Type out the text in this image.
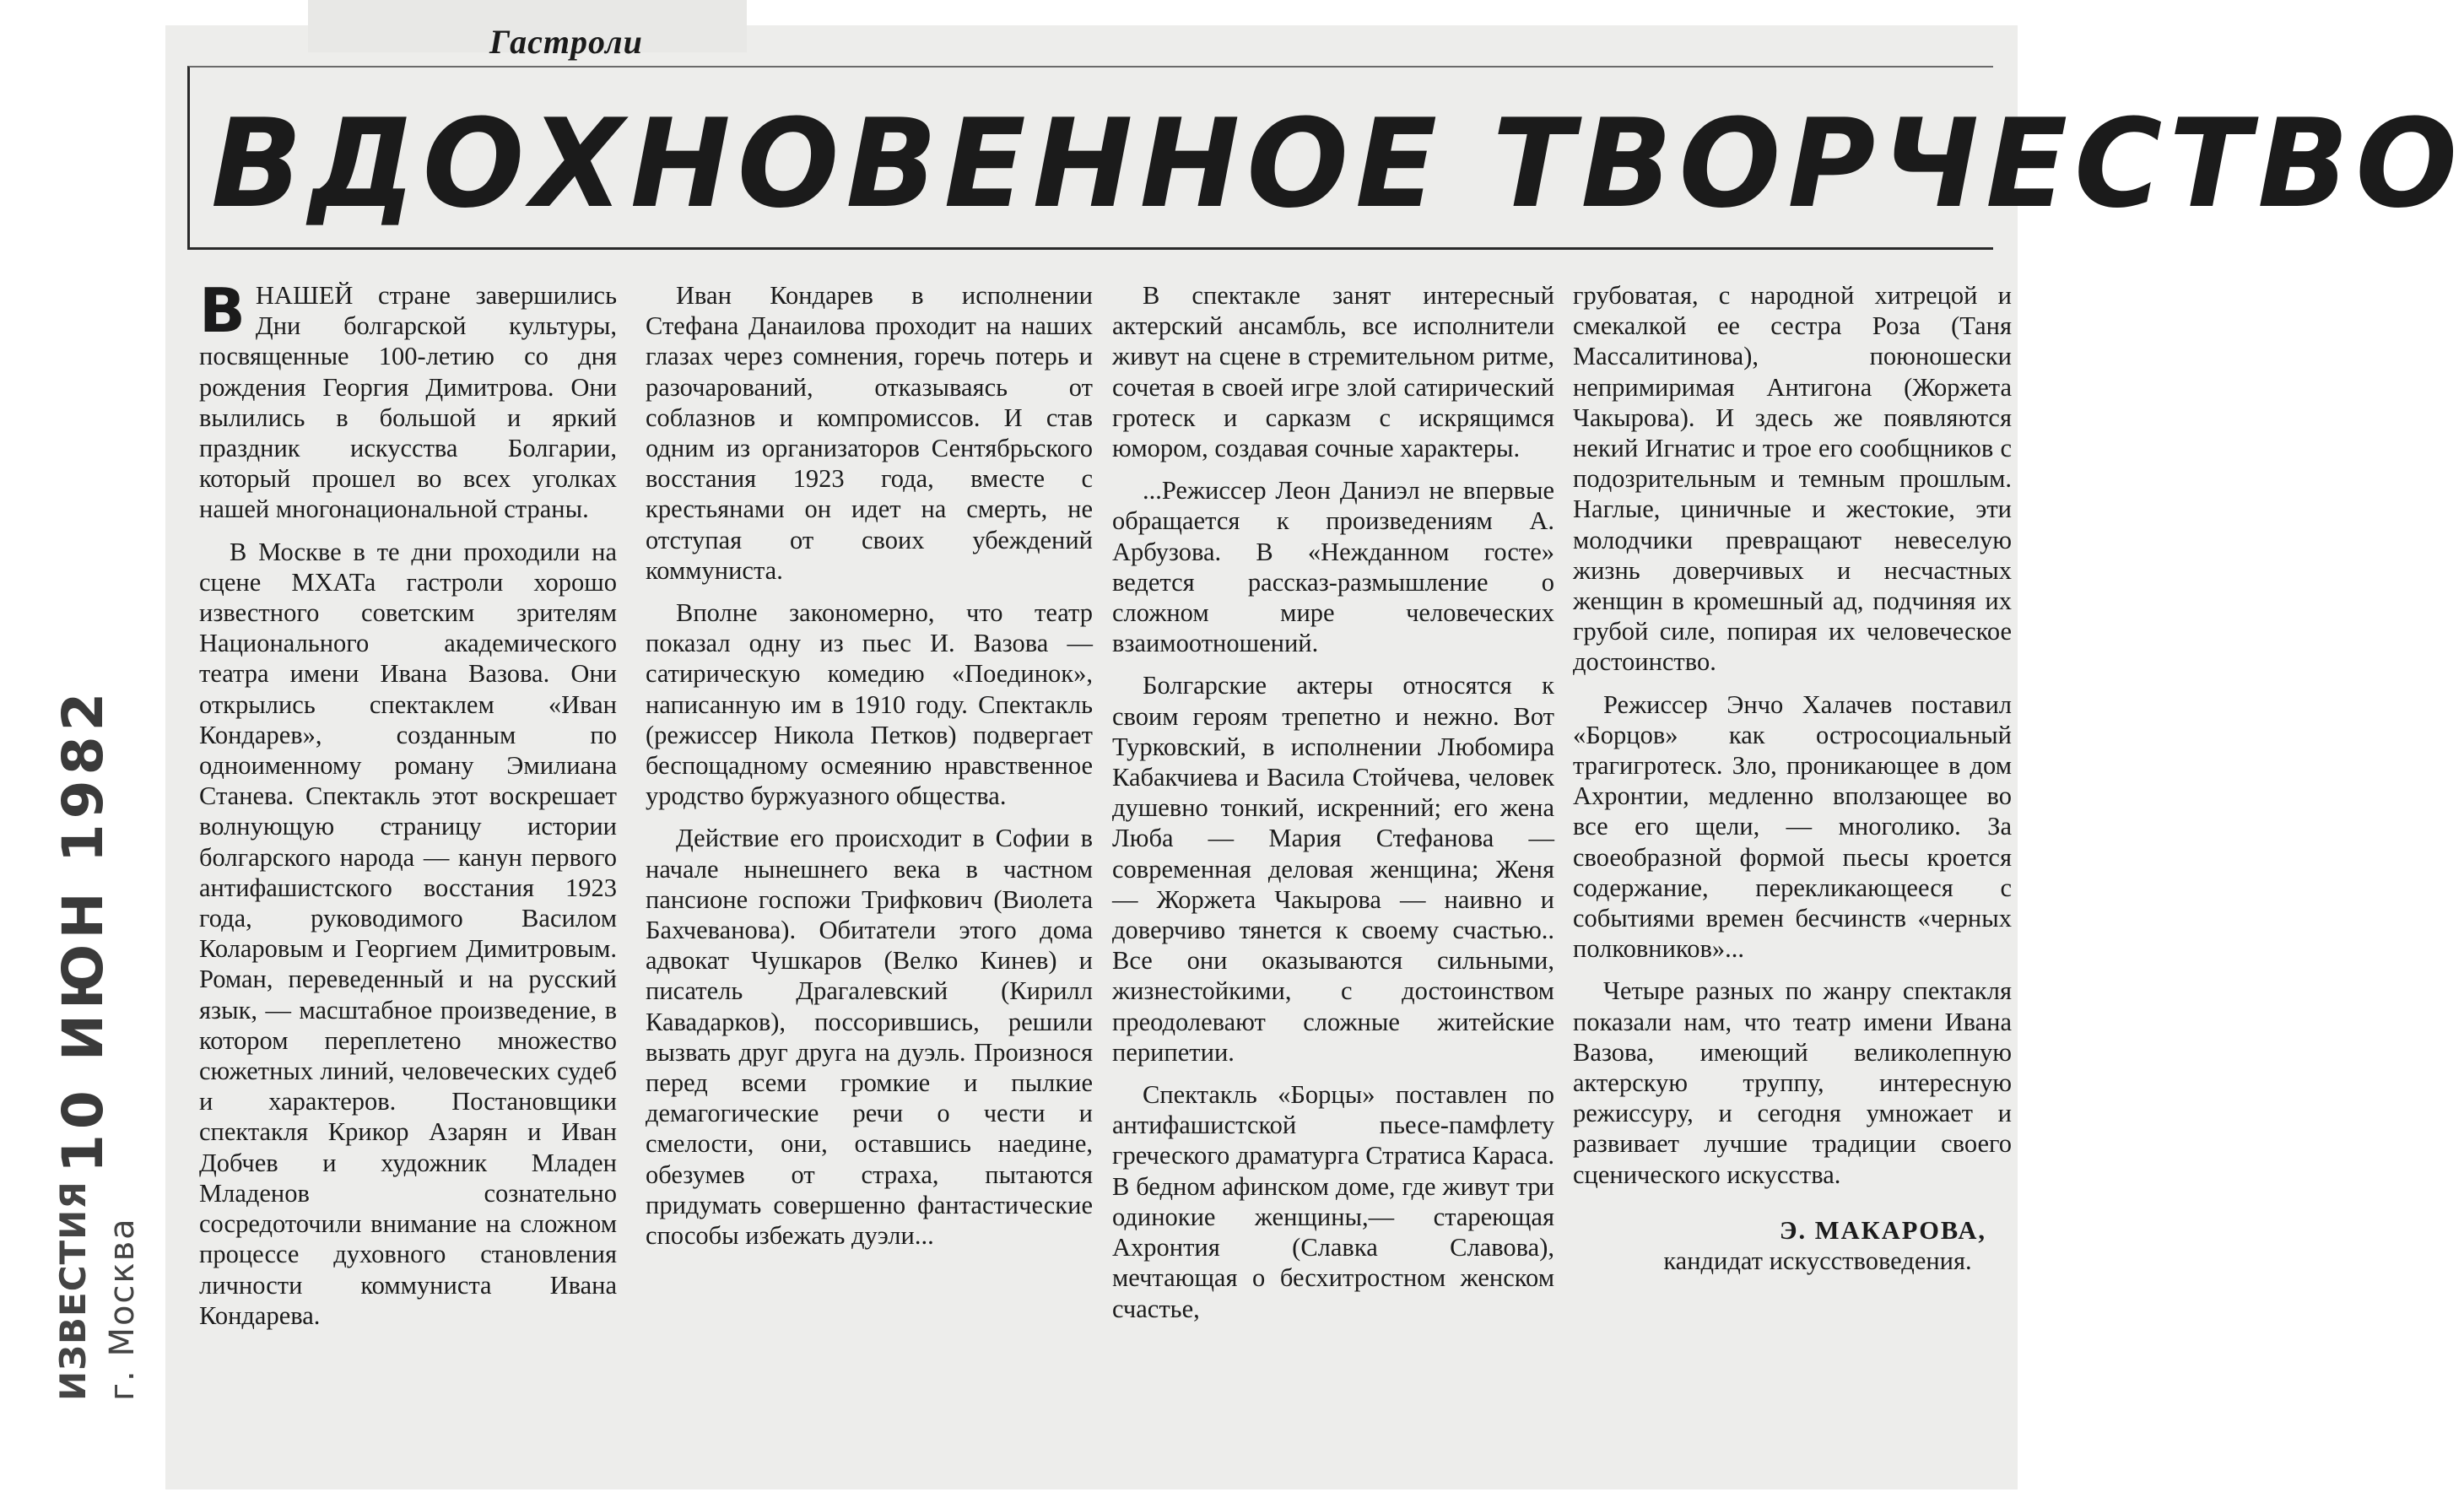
Гастроли
ВДОХНОВЕННОЕ ТВОРЧЕСТВО
ИЗВЕСТИЯ г. Москва
10 ИЮН 1982

ВНАШЕЙ стране завершились Дни болгарской культуры, посвященные 100-летию со дня рождения Георгия Димитрова. Они вылились в большой и яркий праздник искусства Болгарии, который прошел во всех уголках нашей многонациональной страны.

В Москве в те дни проходили на сцене МХАТа гастроли хорошо известного советским зрителям Национального академического театра имени Ивана Вазова. Они открылись спектаклем «Иван Кондарев», созданным по одноименному роману Эмилиана Станева. Спектакль этот воскрешает волнующую страницу истории болгарского народа — канун первого антифашистского восстания 1923 года, руководимого Василом Коларовым и Георгием Димитровым. Роман, переведенный и на русский язык, — масштабное произведение, в котором переплетено множество сюжетных линий, человеческих судеб и характеров. Постановщики спектакля Крикор Азарян и Иван Добчев и художник Младен Младенов сознательно сосредоточили внимание на сложном процессе духовного становления личности коммуниста Ивана Кондарева.

Иван Кондарев в исполнении Стефана Данаилова проходит на наших глазах через сомнения, горечь потерь и разочарований, отказываясь от соблазнов и компромиссов. И став одним из организаторов Сентябрьского восстания 1923 года, вместе с крестьянами он идет на смерть, не отступая от своих убеждений коммуниста.

Вполне закономерно, что театр показал одну из пьес И. Вазова — сатирическую комедию «Поединок», написанную им в 1910 году. Спектакль (режиссер Никола Петков) подвергает беспощадному осмеянию нравственное уродство буржуазного общества.

Действие его происходит в Софии в начале нынешнего века в частном пансионе госпожи Трифкович (Виолета Бахчеванова). Обитатели этого дома адвокат Чушкаров (Велко Кинев) и писатель Драгалевский (Кирилл Кавадарков), поссорившись, решили вызвать друг друга на дуэль. Произнося перед всеми громкие и пылкие демагогические речи о чести и смелости, они, оставшись наедине, обезумев от страха, пытаются придумать совершенно фантастические способы избежать дуэли...

В спектакле занят интересный актерский ансамбль, все исполнители живут на сцене в стремительном ритме, сочетая в своей игре злой сатирический гротеск и сарказм с искрящимся юмором, создавая сочные характеры.

...Режиссер Леон Даниэл не впервые обращается к произведениям А. Арбузова. В «Нежданном госте» ведется рассказ-размышление о сложном мире человеческих взаимоотношений.

Болгарские актеры относятся к своим героям трепетно и нежно. Вот Турковский, в исполнении Любомира Кабакчиева и Васила Стойчева, человек душевно тонкий, искренний; его жена Люба — Мария Стефанова — современная деловая женщина; Женя — Жоржета Чакырова — наивно и доверчиво тянется к своему счастью.. Все они оказываются сильными, жизнестойкими, с достоинством преодолевают сложные житейские перипетии.

Спектакль «Борцы» поставлен по антифашистской пьесе-памфлету греческого драматурга Стратиса Караса. В бедном афинском доме, где живут три одинокие женщины,— стареющая Ахронтия (Славка Славова), мечтающая о бесхитростном женском счастье,

грубоватая, с народной хитрецой и смекалкой ее сестра Роза (Таня Массалитинова), поюношески непримиримая Антигона (Жоржета Чакырова). И здесь же появляются некий Игнатис и трое его сообщников с подозрительным и темным прошлым. Наглые, циничные и жестокие, эти молодчики превращают невеселую жизнь доверчивых и несчастных женщин в кромешный ад, подчиняя их грубой силе, попирая их человеческое достоинство.

Режиссер Энчо Халачев поставил «Борцов» как остросоциальный трагигротеск. Зло, проникающее в дом Ахронтии, медленно вползающее во все его щели, — многолико. За своеобразной формой пьесы кроется содержание, перекликающееся с событиями времен бесчинств «черных полковников»...

Четыре разных по жанру спектакля показали нам, что театр имени Ивана Вазова, имеющий великолепную актерскую труппу, интересную режиссуру, и сегодня умножает и развивает лучшие традиции своего сценического искусства.

Э. МАКАРОВА,
кандидат искусствоведения.
